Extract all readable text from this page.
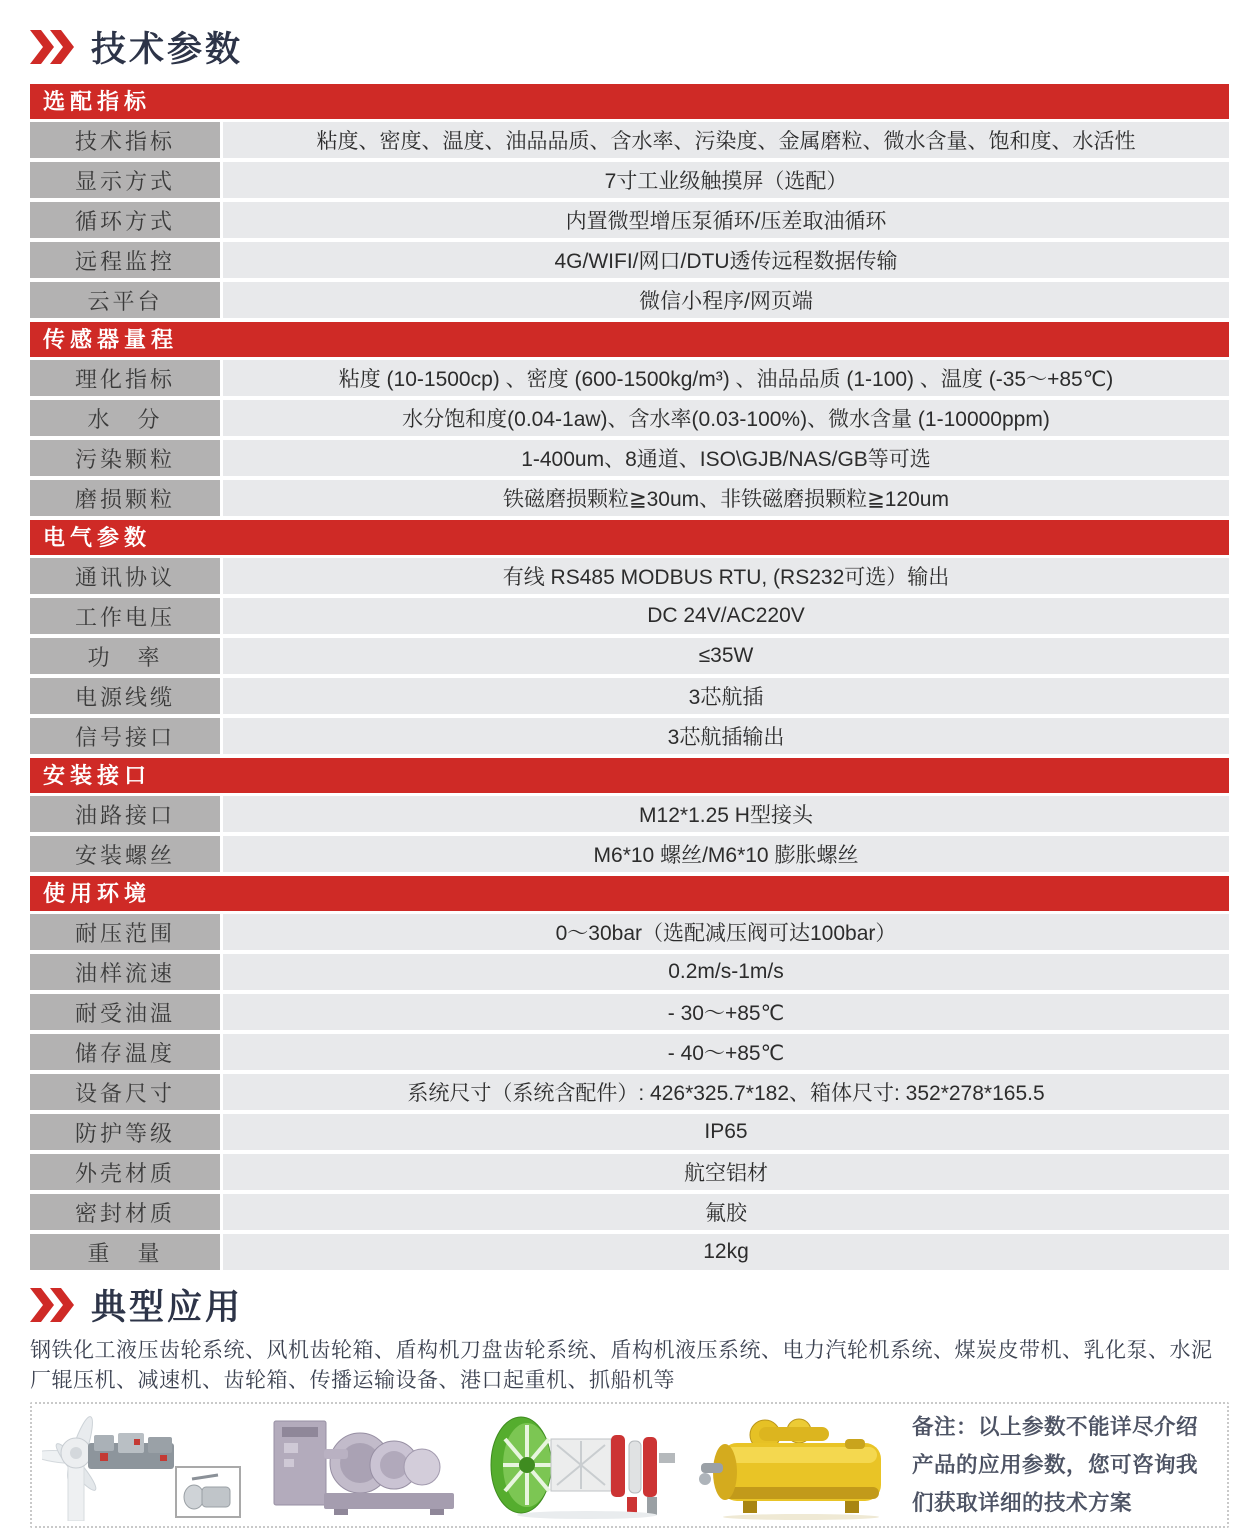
技术参数
选配指标
技术指标	粘度、密度、温度、油品品质、含水率、污染度、金属磨粒、微水含量、饱和度、水活性
显示方式	7寸工业级触摸屏（选配）
循环方式	内置微型增压泵循环/压差取油循环
远程监控	4G/WIFI/网口/DTU透传远程数据传输
云平台	微信小程序/网页端
传感器量程
理化指标	粘度 (10-1500cp) 、密度 (600-1500kg/m³) 、油品品质 (1-100) 、温度 (-35～+85℃)
水　分	水分饱和度(0.04-1aw)、含水率(0.03-100%)、微水含量 (1-10000ppm)
污染颗粒	1-400um、8通道、ISO\GJB/NAS/GB等可选
磨损颗粒	铁磁磨损颗粒≧30um、非铁磁磨损颗粒≧120um
电气参数
通讯协议	有线 RS485 MODBUS RTU, (RS232可选）输出
工作电压	DC 24V/AC220V
功　率	≤35W
电源线缆	3芯航插
信号接口	3芯航插输出
安装接口
油路接口	M12*1.25 H型接头
安装螺丝	M6*10 螺丝/M6*10 膨胀螺丝
使用环境
耐压范围	0～30bar（选配减压阀可达100bar）
油样流速	0.2m/s-1m/s
耐受油温	- 30～+85℃
储存温度	- 40～+85℃
设备尺寸	系统尺寸（系统含配件）: 426*325.7*182、箱体尺寸: 352*278*165.5
防护等级	IP65
外壳材质	航空铝材
密封材质	氟胶
重　量	12kg
典型应用

钢铁化工液压齿轮系统、风机齿轮箱、盾构机刀盘齿轮系统、盾构机液压系统、电力汽轮机系统、煤炭皮带机、乳化泵、水泥厂辊压机、减速机、齿轮箱、传播运输设备、港口起重机、抓船机等

备注：以上参数不能详尽介绍产品的应用参数，您可咨询我们获取详细的技术方案
